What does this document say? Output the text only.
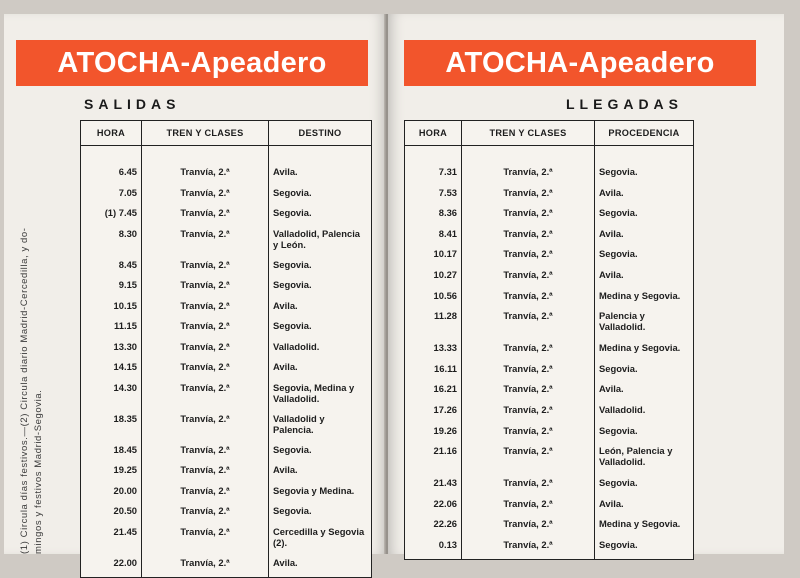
ATOCHA-Apeadero
SALIDAS
(1) Circula días festivos.—(2) Circula diario Madrid-Cercedilla, y do- mingos y festivos Madrid-Segovia.
HORA	TREN Y CLASES	DESTINO

6.45	Tranvía, 2.ª	Avila.
7.05	Tranvía, 2.ª	Segovia.
(1) 7.45	Tranvía, 2.ª	Segovia.
8.30	Tranvía, 2.ª	Valladolid, Palencia y León.
8.45	Tranvía, 2.ª	Segovia.
9.15	Tranvía, 2.ª	Segovia.
10.15	Tranvía, 2.ª	Avila.
11.15	Tranvía, 2.ª	Segovia.
13.30	Tranvía, 2.ª	Valladolid.
14.15	Tranvía, 2.ª	Avila.
14.30	Tranvía, 2.ª	Segovia, Medina y Valladolid.
18.35	Tranvía, 2.ª	Valladolid y Palencia.
18.45	Tranvía, 2.ª	Segovia.
19.25	Tranvía, 2.ª	Avila.
20.00	Tranvía, 2.ª	Segovia y Medina.
20.50	Tranvía, 2.ª	Segovia.
21.45	Tranvía, 2.ª	Cercedilla y Segovia (2).
22.00	Tranvía, 2.ª	Avila.
ATOCHA-Apeadero
LLEGADAS
HORA	TREN Y CLASES	PROCEDENCIA

7.31	Tranvía, 2.ª	Segovia.
7.53	Tranvía, 2.ª	Avila.
8.36	Tranvía, 2.ª	Segovia.
8.41	Tranvía, 2.ª	Avila.
10.17	Tranvía, 2.ª	Segovia.
10.27	Tranvía, 2.ª	Avila.
10.56	Tranvía, 2.ª	Medina y Segovia.
11.28	Tranvía, 2.ª	Palencia y Valladolid.
13.33	Tranvía, 2.ª	Medina y Segovia.
16.11	Tranvía, 2.ª	Segovia.
16.21	Tranvía, 2.ª	Avila.
17.26	Tranvía, 2.ª	Valladolid.
19.26	Tranvía, 2.ª	Segovia.
21.16	Tranvía, 2.ª	León, Palencia y Valladolid.
21.43	Tranvía, 2.ª	Segovia.
22.06	Tranvía, 2.ª	Avila.
22.26	Tranvía, 2.ª	Medina y Segovia.
0.13	Tranvía, 2.ª	Segovia.
